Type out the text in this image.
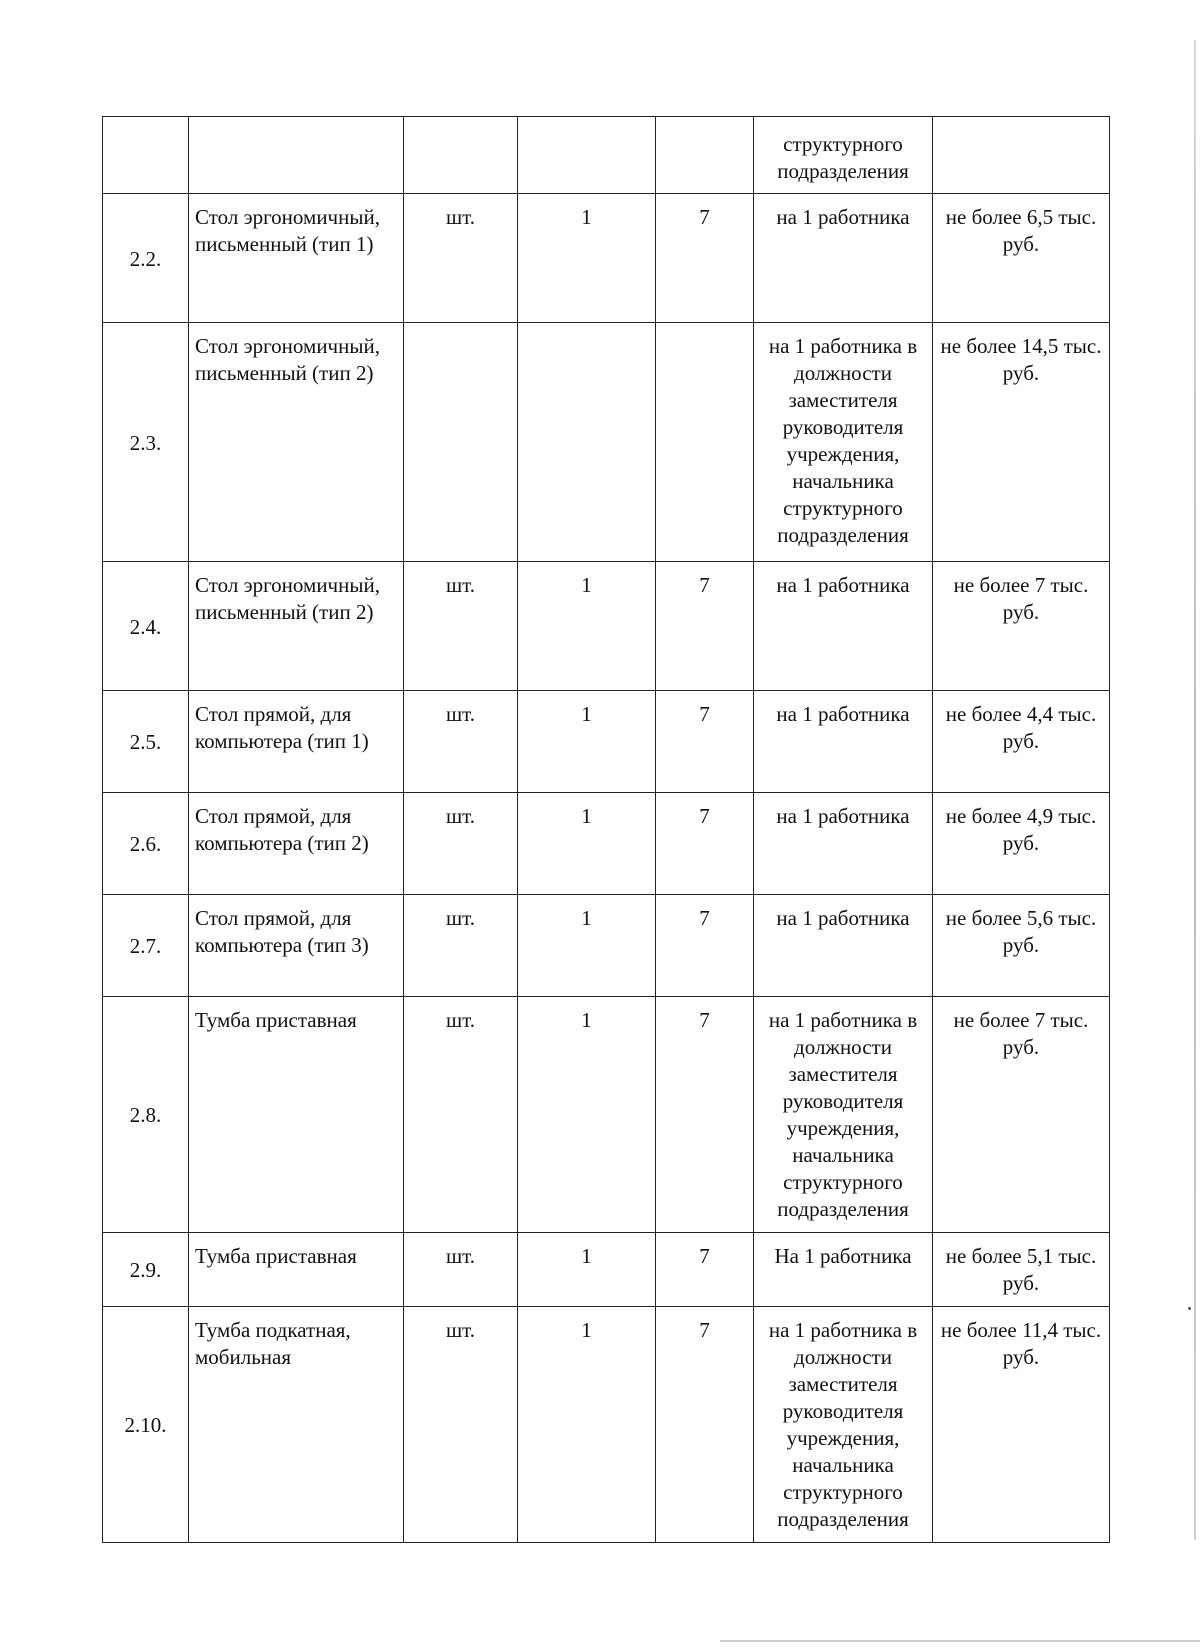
					структурного подразделения	
2.2.	Стол эргономичный, письменный (тип 1)	шт.	1	7	на 1 работника	не более 6,5 тыс. руб.
2.3.	Стол эргономичный, письменный (тип 2)				на 1 работника в должности заместителя руководителя учреждения, начальника структурного подразделения	не более 14,5 тыс. руб.
2.4.	Стол эргономичный, письменный (тип 2)	шт.	1	7	на 1 работника	не более 7 тыс. руб.
2.5.	Стол прямой, для компьютера (тип 1)	шт.	1	7	на 1 работника	не более 4,4 тыс. руб.
2.6.	Стол прямой, для компьютера (тип 2)	шт.	1	7	на 1 работника	не более 4,9 тыс. руб.
2.7.	Стол прямой, для компьютера (тип 3)	шт.	1	7	на 1 работника	не более 5,6 тыс. руб.
2.8.	Тумба приставная	шт.	1	7	на 1 работника в должности заместителя руководителя учреждения, начальника структурного подразделения	не более 7 тыс. руб.
2.9.	Тумба приставная	шт.	1	7	На 1 работника	не более 5,1 тыс. руб.
2.10.	Тумба подкатная, мобильная	шт.	1	7	на 1 работника в должности заместителя руководителя учреждения, начальника структурного подразделения	не более 11,4 тыс. руб.
